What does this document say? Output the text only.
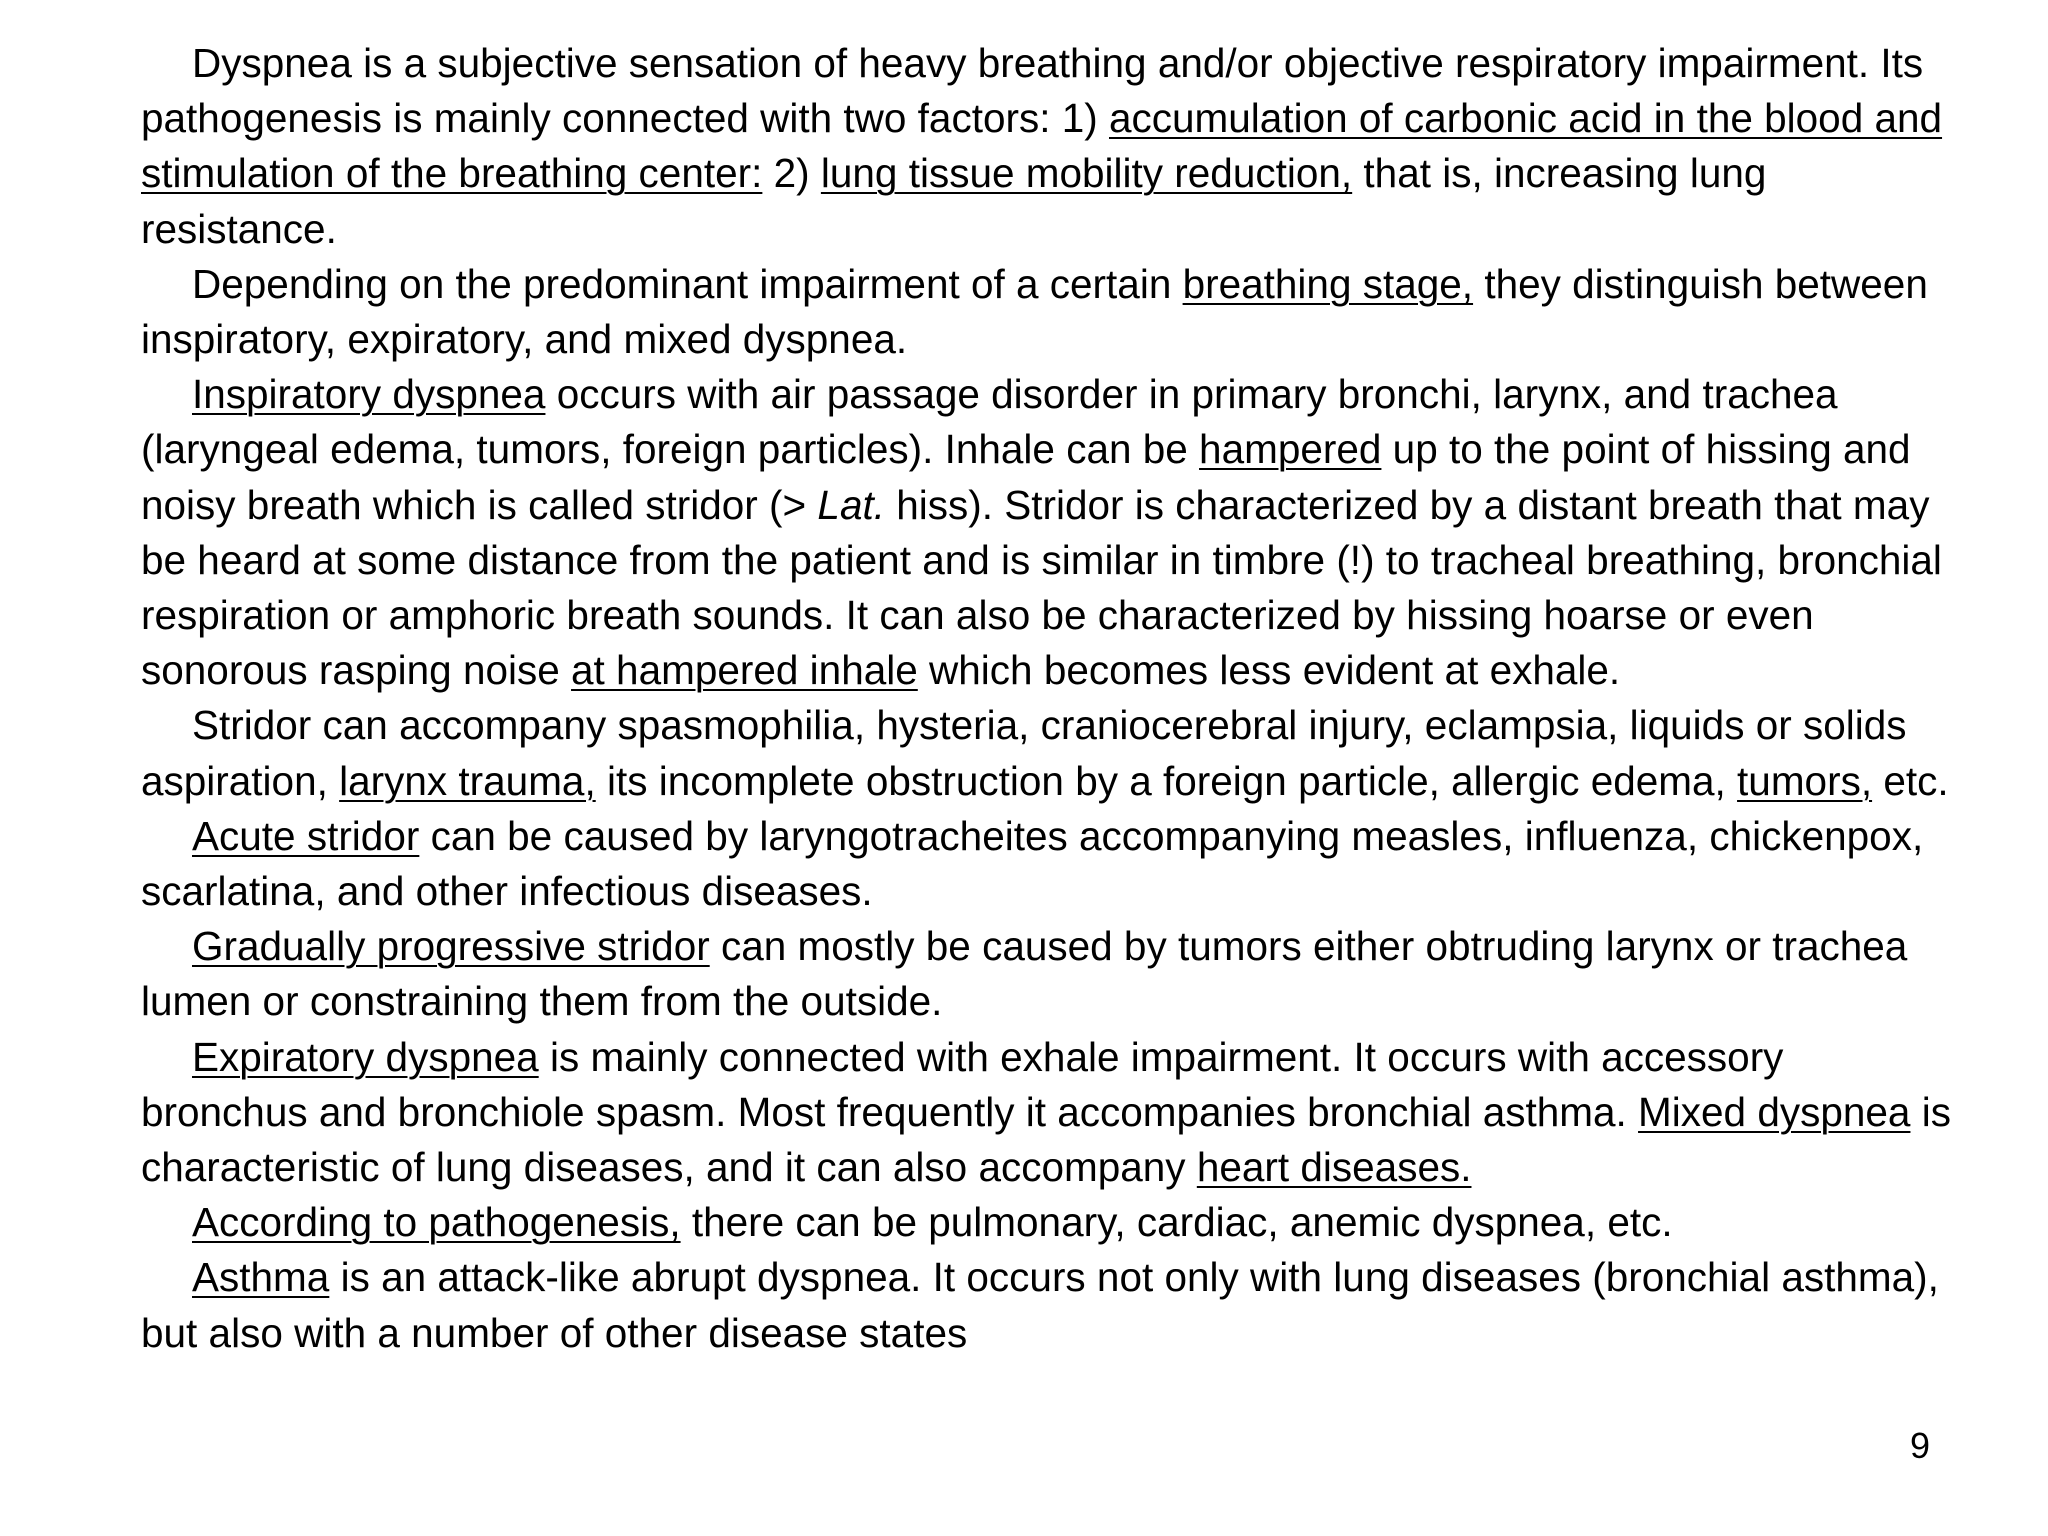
Dyspnea is a subjective sensation of heavy breathing and/or objective respiratory impairment. Its pathogenesis is mainly connected with two factors: 1) accumulation of carbonic acid in the blood and stimulation of the breathing center: 2) lung tissue mobility reduction, that is, increasing lung resistance.

Depending on the predominant impairment of a certain breathing stage, they distinguish between inspiratory, expiratory, and mixed dyspnea.

Inspiratory dyspnea occurs with air passage disorder in primary bronchi, larynx, and trachea (laryngeal edema, tumors, foreign particles). Inhale can be hampered up to the point of hissing and noisy breath which is called stridor (> Lat. hiss). Stridor is characterized by a distant breath that may be heard at some distance from the patient and is similar in timbre (!) to tracheal breathing, bronchial respiration or amphoric breath sounds. It can also be characterized by hissing hoarse or even sonorous rasping noise at hampered inhale which becomes less evident at exhale.

Stridor can accompany spasmophilia, hysteria, craniocerebral injury, eclampsia, liquids or solids aspiration, larynx trauma, its incomplete obstruction by a foreign particle, allergic edema, tumors, etc.

Acute stridor can be caused by laryngotracheites accompanying measles, influenza, chickenpox, scarlatina, and other infectious diseases.

Gradually progressive stridor can mostly be caused by tumors either obtruding larynx or trachea lumen or constraining them from the outside.

Expiratory dyspnea is mainly connected with exhale impairment. It occurs with accessory bronchus and bronchiole spasm. Most frequently it accompanies bronchial asthma. Mixed dyspnea is characteristic of lung diseases, and it can also accompany heart diseases.

According to pathogenesis, there can be pulmonary, cardiac, anemic dyspnea, etc.

Asthma is an attack-like abrupt dyspnea. It occurs not only with lung diseases (bronchial asthma), but also with a number of other disease states

9
